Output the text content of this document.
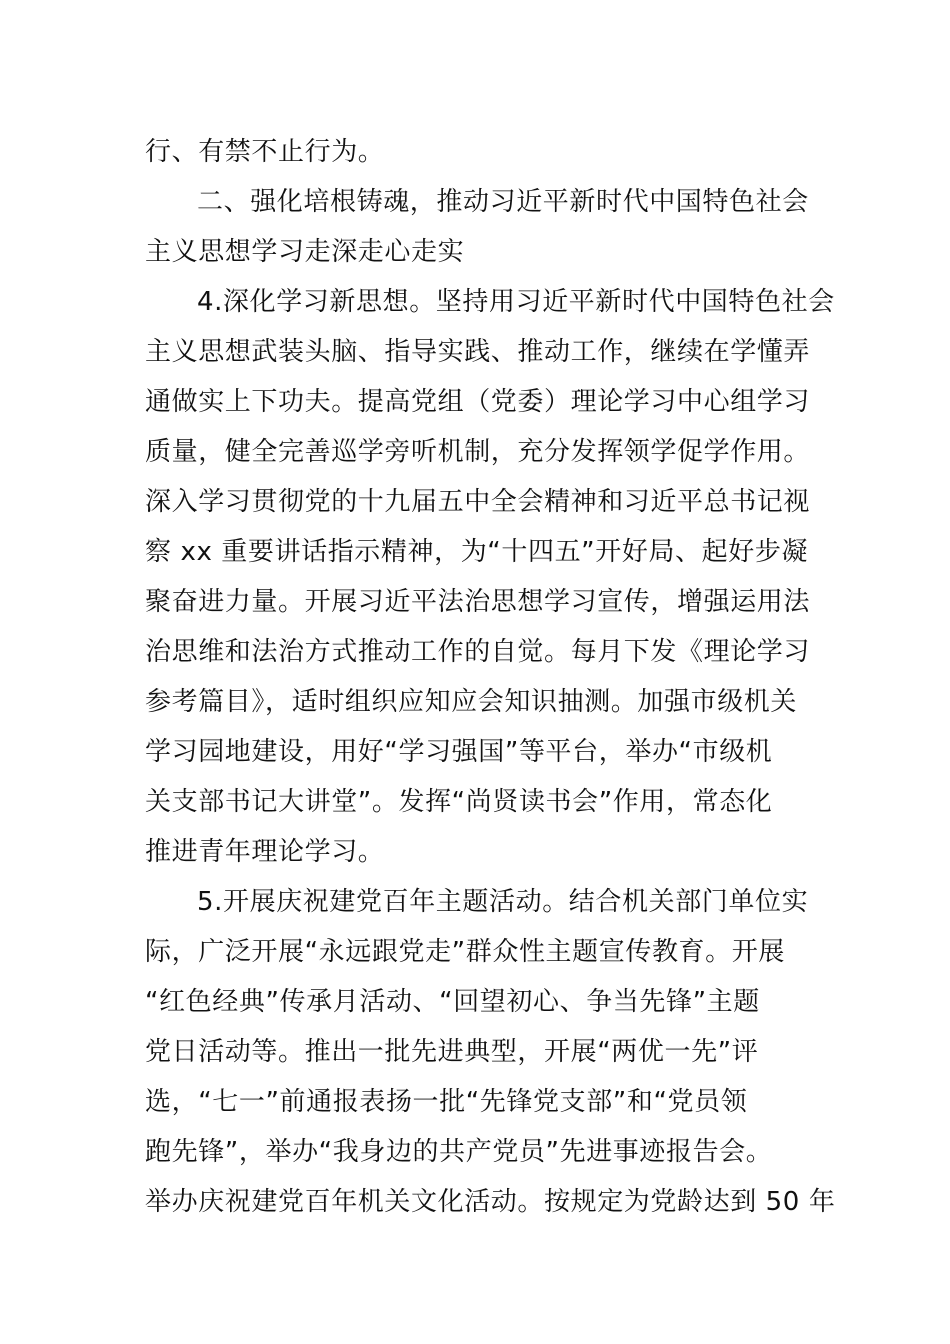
行、有禁不止行为。
二、强化培根铸魂，推动习近平新时代中国特色社会
主义思想学习走深走心走实
4.深化学习新思想。坚持用习近平新时代中国特色社会
主义思想武装头脑、指导实践、推动工作，继续在学懂弄
通做实上下功夫。提高党组（党委）理论学习中心组学习
质量，健全完善巡学旁听机制，充分发挥领学促学作用。
深入学习贯彻党的十九届五中全会精神和习近平总书记视
察 xx 重要讲话指示精神，为“十四五”开好局、起好步凝
聚奋进力量。开展习近平法治思想学习宣传，增强运用法
治思维和法治方式推动工作的自觉。每月下发《理论学习
参考篇目》，适时组织应知应会知识抽测。加强市级机关
学习园地建设，用好“学习强国”等平台，举办“市级机
关支部书记大讲堂”。发挥“尚贤读书会”作用，常态化
推进青年理论学习。
5.开展庆祝建党百年主题活动。结合机关部门单位实
际，广泛开展“永远跟党走”群众性主题宣传教育。开展
“红色经典”传承月活动、“回望初心、争当先锋”主题
党日活动等。推出一批先进典型，开展“两优一先”评
选，“七一”前通报表扬一批“先锋党支部”和“党员领
跑先锋”，举办“我身边的共产党员”先进事迹报告会。
举办庆祝建党百年机关文化活动。按规定为党龄达到 50 年
